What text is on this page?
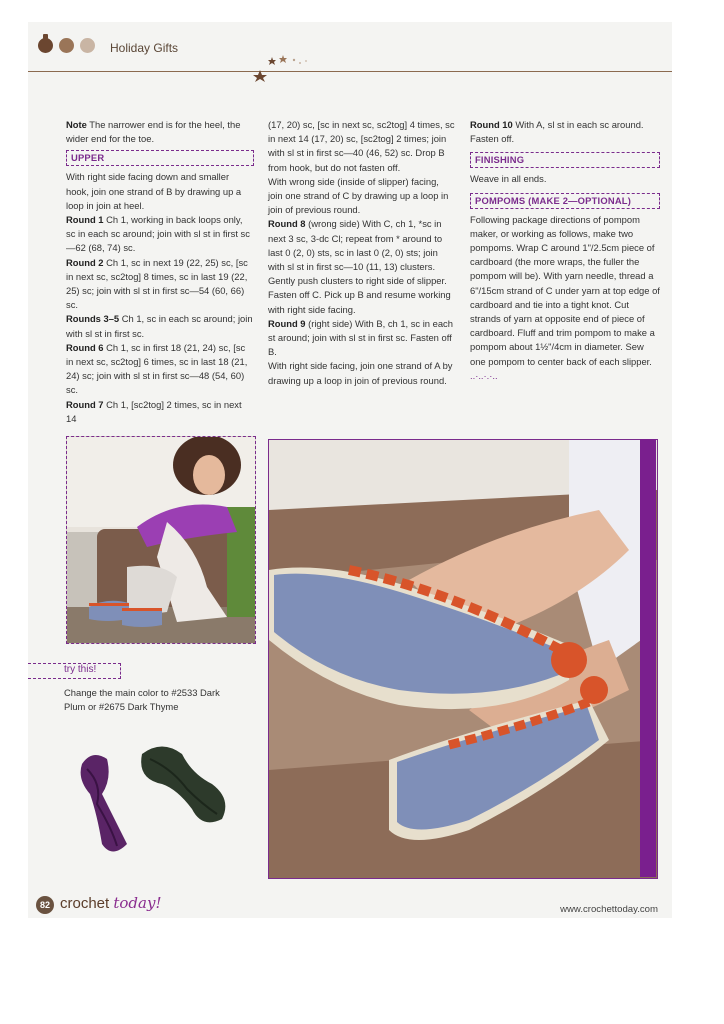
Holiday Gifts

Note The narrower end is for the heel, the wider end for the toe.

UPPER

With right side facing down and smaller hook, join one strand of B by drawing up a loop in join at heel.

Round 1 Ch 1, working in back loops only, sc in each sc around; join with sl st in first sc—62 (68, 74) sc.

Round 2 Ch 1, sc in next 19 (22, 25) sc, [sc in next sc, sc2tog] 8 times, sc in last 19 (22, 25) sc; join with sl st in first sc—54 (60, 66) sc.

Rounds 3–5 Ch 1, sc in each sc around; join with sl st in first sc.

Round 6 Ch 1, sc in first 18 (21, 24) sc, [sc in next sc, sc2tog] 6 times, sc in last 18 (21, 24) sc; join with sl st in first sc—48 (54, 60) sc.

Round 7 Ch 1, [sc2tog] 2 times, sc in next 14

(17, 20) sc, [sc in next sc, sc2tog] 4 times, sc in next 14 (17, 20) sc, [sc2tog] 2 times; join with sl st in first sc—40 (46, 52) sc. Drop B from hook, but do not fasten off.

With wrong side (inside of slipper) facing, join one strand of C by drawing up a loop in join of previous round.

Round 8 (wrong side) With C, ch 1, *sc in next 3 sc, 3-dc Cl; repeat from * around to last 0 (2, 0) sts, sc in last 0 (2, 0) sts; join with sl st in first sc—10 (11, 13) clusters. Gently push clusters to right side of slipper. Fasten off C. Pick up B and resume working with right side facing.

Round 9 (right side) With B, ch 1, sc in each st around; join with sl st in first sc. Fasten off B.

With right side facing, join one strand of A by drawing up a loop in join of previous round.

Round 10 With A, sl st in each sc around. Fasten off.

FINISHING

Weave in all ends.

POMPOMS (MAKE 2—OPTIONAL)

Following package directions of pompom maker, or working as follows, make two pompoms. Wrap C around 1"/2.5cm piece of cardboard (the more wraps, the fuller the pompom will be). With yarn needle, thread a 6"/15cm strand of C under yarn at top edge of cardboard and tie into a tight knot. Cut strands of yarn at opposite end of piece of cardboard. Fluff and trim pompom to make a pompom about 1½"/4cm in diameter. Sew one pompom to center back of each slipper. ..·..·.·..

try this!
Change the main color to #2533 Dark Plum or #2675 Dark Thyme
82 crochet today!	www.crochettoday.com
